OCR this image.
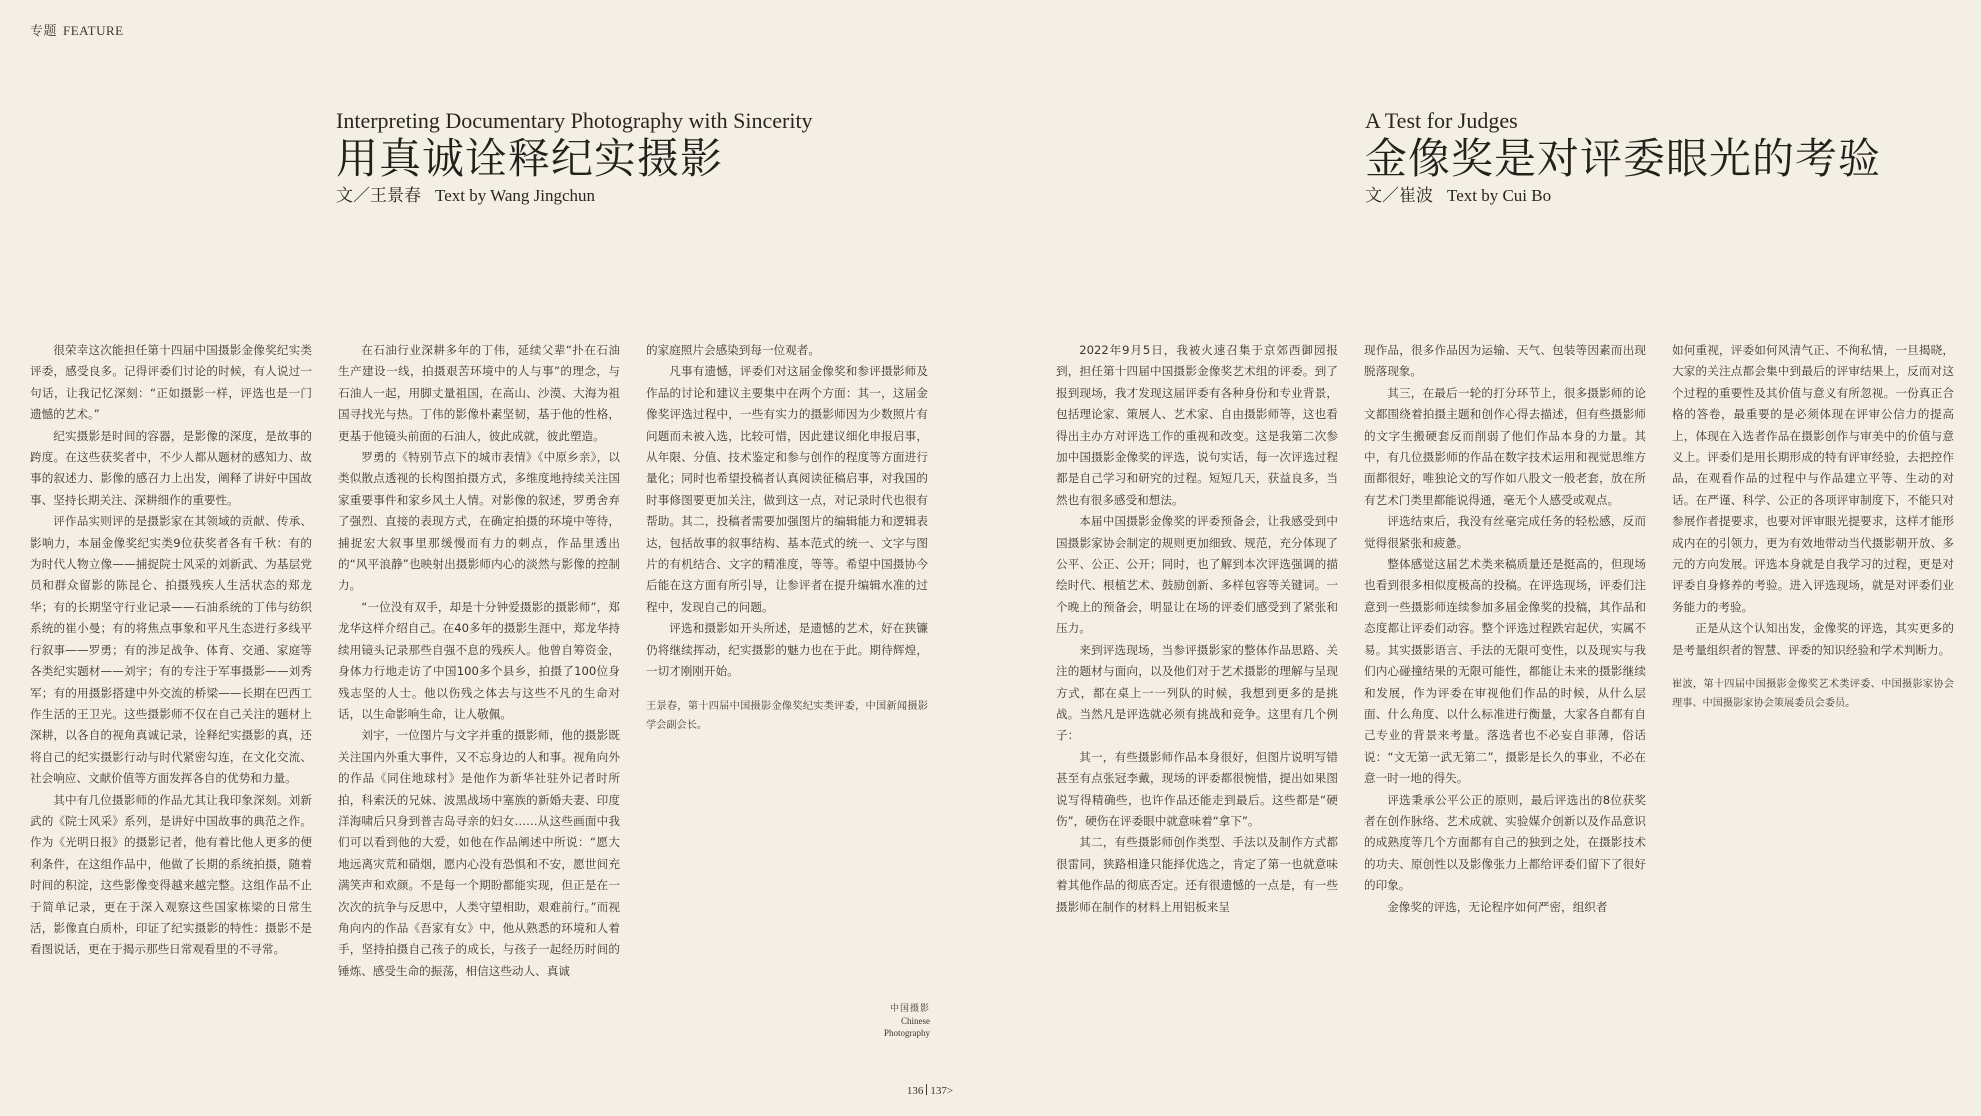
专题 FEATURE
Interpreting Documentary Photography with Sincerity
用真诚诠释纪实摄影
文／王景春 Text by Wang Jingchun
A Test for Judges
金像奖是对评委眼光的考验
文／崔波 Text by Cui Bo

很荣幸这次能担任第十四届中国摄影金像奖纪实类评委，感受良多。记得评委们讨论的时候，有人说过一句话，让我记忆深刻：“正如摄影一样，评选也是一门遗憾的艺术。”

纪实摄影是时间的容器，是影像的深度，是故事的跨度。在这些获奖者中，不少人都从题材的感知力、故事的叙述力、影像的感召力上出发，阐释了讲好中国故事、坚持长期关注、深耕细作的重要性。

评作品实则评的是摄影家在其领域的贡献、传承、影响力，本届金像奖纪实类9位获奖者各有千秋：有的为时代人物立像——捕捉院士风采的刘新武、为基层党员和群众留影的陈昆仑、拍摄残疾人生活状态的郑龙华；有的长期坚守行业记录——石油系统的丁伟与纺织系统的崔小曼；有的将焦点事象和平凡生态进行多线平行叙事——罗勇；有的涉足战争、体育、交通、家庭等各类纪实题材——刘宇；有的专注于军事摄影——刘秀军；有的用摄影搭建中外交流的桥梁——长期在巴西工作生活的王卫光。这些摄影师不仅在自己关注的题材上深耕，以各自的视角真诚记录，诠释纪实摄影的真，还将自己的纪实摄影行动与时代紧密勾连，在文化交流、社会响应、文献价值等方面发挥各自的优势和力量。

其中有几位摄影师的作品尤其让我印象深刻。刘新武的《院士风采》系列，是讲好中国故事的典范之作。作为《光明日报》的摄影记者，他有着比他人更多的便利条件，在这组作品中，他做了长期的系统拍摄，随着时间的积淀，这些影像变得越来越完整。这组作品不止于简单记录，更在于深入观察这些国家栋梁的日常生活，影像直白质朴，印证了纪实摄影的特性：摄影不是看图说话，更在于揭示那些日常观看里的不寻常。

在石油行业深耕多年的丁伟，延续父辈“扑在石油生产建设一线，拍摄艰苦环境中的人与事”的理念，与石油人一起，用脚丈量祖国，在高山、沙漠、大海为祖国寻找光与热。丁伟的影像朴素坚韧，基于他的性格，更基于他镜头前面的石油人，彼此成就，彼此塑造。

罗勇的《特别节点下的城市表情》《中原乡亲》，以类似散点透视的长构图拍摄方式，多维度地持续关注国家重要事件和家乡风土人情。对影像的叙述，罗勇舍弃了强烈、直接的表现方式，在确定拍摄的环境中等待，捕捉宏大叙事里那缓慢而有力的刺点，作品里透出的“风平浪静”也映射出摄影师内心的淡然与影像的控制力。

“一位没有双手，却是十分钟爱摄影的摄影师”，郑龙华这样介绍自己。在40多年的摄影生涯中，郑龙华持续用镜头记录那些自强不息的残疾人。他曾自筹资金，身体力行地走访了中国100多个县乡，拍摄了100位身残志坚的人士。他以伤残之体去与这些不凡的生命对话，以生命影响生命，让人敬佩。

刘宇，一位图片与文字并重的摄影师，他的摄影既关注国内外重大事件，又不忘身边的人和事。视角向外的作品《同住地球村》是他作为新华社驻外记者时所拍，科索沃的兄妹、波黑战场中塞族的新婚夫妻、印度洋海啸后只身到普吉岛寻亲的妇女……从这些画面中我们可以看到他的大爱，如他在作品阐述中所说：“愿大地远离灾荒和硝烟，愿内心没有恐惧和不安，愿世间充满笑声和欢颜。不是每一个期盼都能实现，但正是在一次次的抗争与反思中，人类守望相助，艰难前行。”而视角向内的作品《吾家有女》中，他从熟悉的环境和人着手，坚持拍摄自己孩子的成长，与孩子一起经历时间的锤炼、感受生命的振荡，相信这些动人、真诚

的家庭照片会感染到每一位观者。

凡事有遗憾，评委们对这届金像奖和参评摄影师及作品的讨论和建议主要集中在两个方面：其一，这届金像奖评选过程中，一些有实力的摄影师因为少数照片有问题而未被入选，比较可惜，因此建议细化申报启事，从年限、分值、技术鉴定和参与创作的程度等方面进行量化；同时也希望投稿者认真阅读征稿启事，对我国的时事修图要更加关注，做到这一点，对记录时代也很有帮助。其二，投稿者需要加强图片的编辑能力和逻辑表达，包括故事的叙事结构、基本范式的统一、文字与图片的有机结合、文字的精准度，等等。希望中国摄协今后能在这方面有所引导，让参评者在提升编辑水准的过程中，发现自己的问题。

评选和摄影如开头所述，是遗憾的艺术，好在狭镰仍将继续挥动，纪实摄影的魅力也在于此。期待辉煌，一切才刚刚开始。

王景春，第十四届中国摄影金像奖纪实类评委，中国新闻摄影学会副会长。

2022年9月5日，我被火速召集于京郊西御园报到，担任第十四届中国摄影金像奖艺术组的评委。到了报到现场，我才发现这届评委有各种身份和专业背景，包括理论家、策展人、艺术家、自由摄影师等，这也看得出主办方对评选工作的重视和改变。这是我第二次参加中国摄影金像奖的评选，说句实话，每一次评选过程都是自己学习和研究的过程。短短几天，获益良多，当然也有很多感受和想法。

本届中国摄影金像奖的评委预备会，让我感受到中国摄影家协会制定的规则更加细致、规范，充分体现了公平、公正、公开；同时，也了解到本次评选强调的描绘时代、根植艺术、鼓励创新、多样包容等关键词。一个晚上的预备会，明显让在场的评委们感受到了紧张和压力。

来到评选现场，当参评摄影家的整体作品思路、关注的题材与面向，以及他们对于艺术摄影的理解与呈现方式，都在桌上一一列队的时候，我想到更多的是挑战。当然凡是评选就必须有挑战和竞争。这里有几个例子：

其一，有些摄影师作品本身很好，但图片说明写错甚至有点张冠李戴，现场的评委都很惋惜，提出如果图说写得精确些，也许作品还能走到最后。这些都是“硬伤”，硬伤在评委眼中就意味着“拿下”。

其二，有些摄影师创作类型、手法以及制作方式都很雷同，狭路相逢只能择优选之，肯定了第一也就意味着其他作品的彻底否定。还有很遗憾的一点是，有一些摄影师在制作的材料上用铝板来呈

现作品，很多作品因为运输、天气、包装等因素而出现脱落现象。

其三，在最后一轮的打分环节上，很多摄影师的论文都围绕着拍摄主题和创作心得去描述，但有些摄影师的文字生搬硬套反而削弱了他们作品本身的力量。其中，有几位摄影师的作品在数字技术运用和视觉思维方面都很好，唯独论文的写作如八股文一般老套，放在所有艺术门类里都能说得通，毫无个人感受或观点。

评选结束后，我没有丝毫完成任务的轻松感，反而觉得很紧张和疲惫。

整体感觉这届艺术类来稿质量还是挺高的，但现场也看到很多相似度极高的投稿。在评选现场，评委们注意到一些摄影师连续参加多届金像奖的投稿，其作品和态度都让评委们动容。整个评选过程跌宕起伏，实属不易。其实摄影语言、手法的无限可变性，以及现实与我们内心碰撞结果的无限可能性，都能让未来的摄影继续和发展，作为评委在审视他们作品的时候，从什么层面、什么角度、以什么标准进行衡量，大家各自都有自己专业的背景来考量。落选者也不必妄自菲薄，俗话说：“文无第一武无第二”，摄影是长久的事业，不必在意一时一地的得失。

评选秉承公平公正的原则，最后评选出的8位获奖者在创作脉络、艺术成就、实验媒介创新以及作品意识的成熟度等几个方面都有自己的独到之处，在摄影技术的功夫、原创性以及影像张力上都给评委们留下了很好的印象。

金像奖的评选，无论程序如何严密，组织者

如何重视，评委如何风清气正、不徇私情，一旦揭晓，大家的关注点都会集中到最后的评审结果上，反而对这个过程的重要性及其价值与意义有所忽视。一份真正合格的答卷，最重要的是必须体现在评审公信力的提高上，体现在入选者作品在摄影创作与审美中的价值与意义上。评委们是用长期形成的特有评审经验，去把控作品，在观看作品的过程中与作品建立平等、生动的对话。在严谨、科学、公正的各项评审制度下，不能只对参展作者提要求，也要对评审眼光提要求，这样才能形成内在的引领力，更为有效地带动当代摄影朝开放、多元的方向发展。评选本身就是自我学习的过程，更是对评委自身修养的考验。进入评选现场，就是对评委们业务能力的考验。

正是从这个认知出发，金像奖的评选，其实更多的是考量组织者的智慧、评委的知识经验和学术判断力。

崔波，第十四届中国摄影金像奖艺术类评委、中国摄影家协会理事、中国摄影家协会策展委员会委员。

中国摄影
Chinese
Photography
136 137>
